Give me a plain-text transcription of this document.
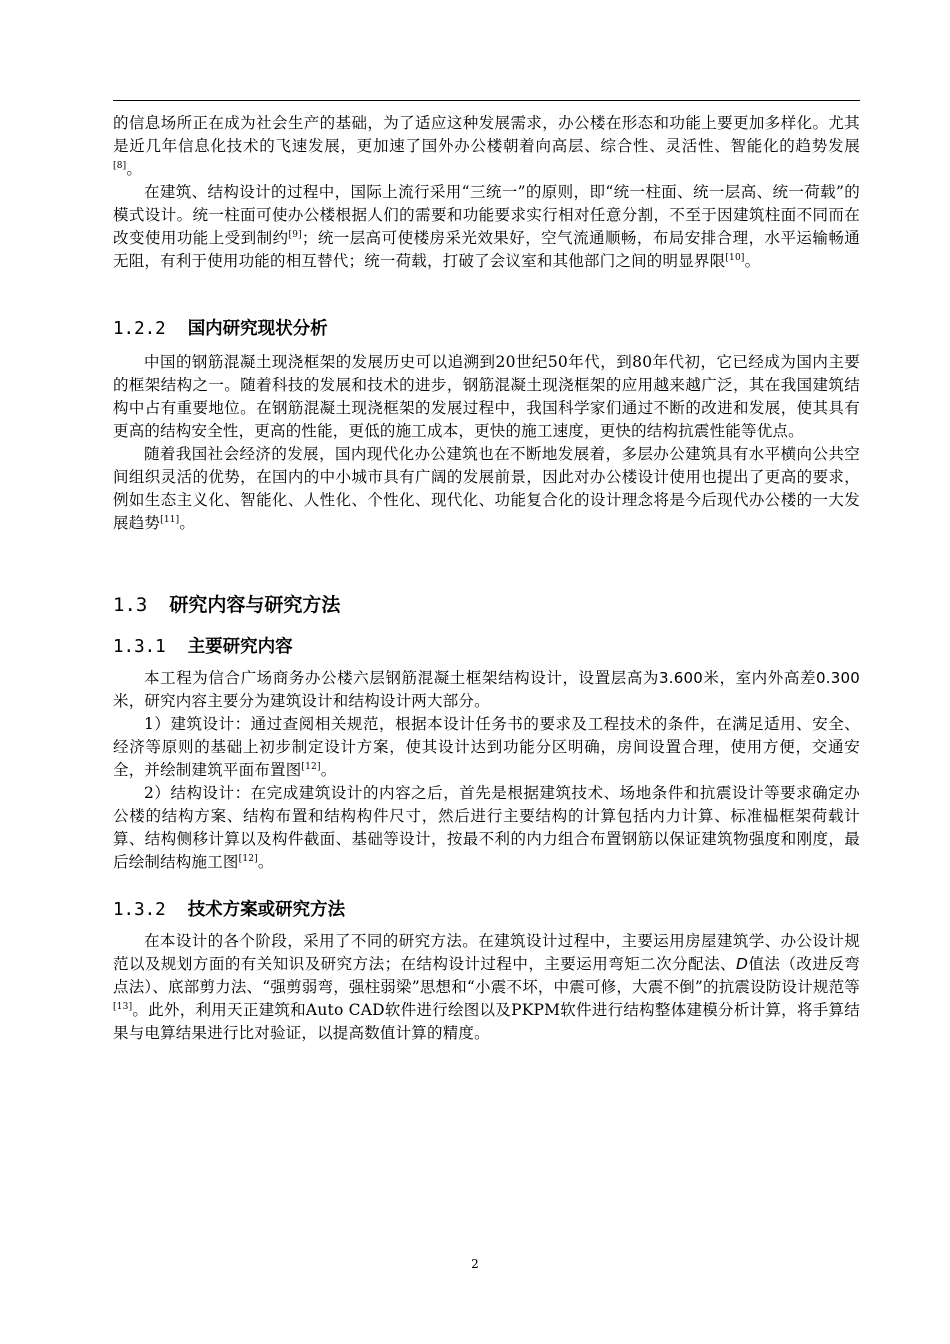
的信息场所正在成为社会生产的基础，为了适应这种发展需求，办公楼在形态和功能上要更加多样化。尤其是近几年信息化技术的飞速发展，更加速了国外办公楼朝着向高层、综合性、灵活性、智能化的趋势发展[8]。

在建筑、结构设计的过程中，国际上流行采用“三统一”的原则，即“统一柱面、统一层高、统一荷载”的模式设计。统一柱面可使办公楼根据人们的需要和功能要求实行相对任意分割，不至于因建筑柱面不同而在改变使用功能上受到制约[9]；统一层高可使楼房采光效果好，空气流通顺畅，布局安排合理，水平运输畅通无阻，有利于使用功能的相互替代；统一荷载，打破了会议室和其他部门之间的明显界限[10]。

1.2.2 国内研究现状分析

中国的钢筋混凝土现浇框架的发展历史可以追溯到20世纪50年代，到80年代初，它已经成为国内主要的框架结构之一。随着科技的发展和技术的进步，钢筋混凝土现浇框架的应用越来越广泛，其在我国建筑结构中占有重要地位。在钢筋混凝土现浇框架的发展过程中，我国科学家们通过不断的改进和发展，使其具有更高的结构安全性，更高的性能，更低的施工成本，更快的施工速度，更快的结构抗震性能等优点。

随着我国社会经济的发展，国内现代化办公建筑也在不断地发展着，多层办公建筑具有水平横向公共空间组织灵活的优势，在国内的中小城市具有广阔的发展前景，因此对办公楼设计使用也提出了更高的要求，例如生态主义化、智能化、人性化、个性化、现代化、功能复合化的设计理念将是今后现代办公楼的一大发展趋势[11]。

1.3 研究内容与研究方法
1.3.1 主要研究内容

本工程为信合广场商务办公楼六层钢筋混凝土框架结构设计，设置层高为3.600米，室内外高差0.300米，研究内容主要分为建筑设计和结构设计两大部分。

1）建筑设计：通过查阅相关规范，根据本设计任务书的要求及工程技术的条件，在满足适用、安全、经济等原则的基础上初步制定设计方案，使其设计达到功能分区明确，房间设置合理，使用方便，交通安全，并绘制建筑平面布置图[12]。

2）结构设计：在完成建筑设计的内容之后，首先是根据建筑技术、场地条件和抗震设计等要求确定办公楼的结构方案、结构布置和结构构件尺寸，然后进行主要结构的计算包括内力计算、标准榀框架荷载计算、结构侧移计算以及构件截面、基础等设计，按最不利的内力组合布置钢筋以保证建筑物强度和刚度，最后绘制结构施工图[12]。

1.3.2 技术方案或研究方法

在本设计的各个阶段，采用了不同的研究方法。在建筑设计过程中，主要运用房屋建筑学、办公设计规范以及规划方面的有关知识及研究方法；在结构设计过程中，主要运用弯矩二次分配法、D值法（改进反弯点法）、底部剪力法、“强剪弱弯，强柱弱梁”思想和“小震不坏，中震可修，大震不倒”的抗震设防设计规范等[13]。此外，利用天正建筑和Auto CAD软件进行绘图以及PKPM软件进行结构整体建模分析计算，将手算结果与电算结果进行比对验证，以提高数值计算的精度。

2
